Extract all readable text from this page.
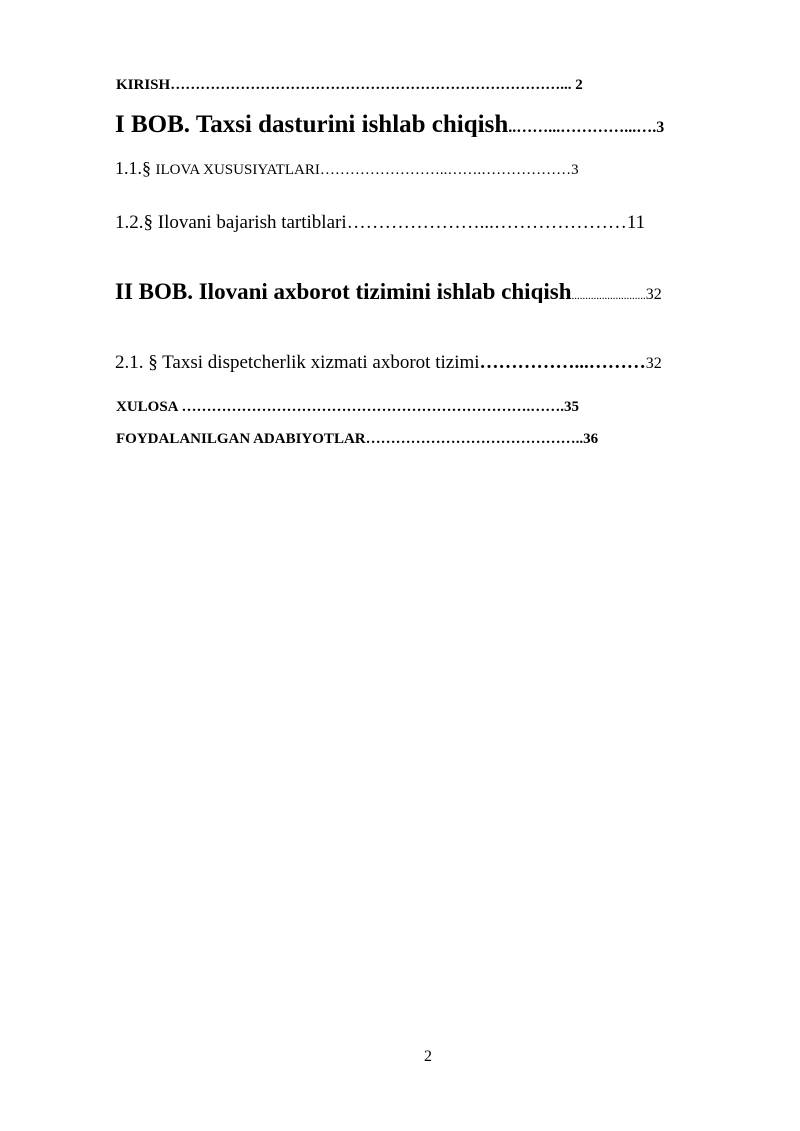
KIRISH……………………………………………………………………... 2
I BOB. Taxsi dasturini ishlab chiqish..……...…………...….3
1.1.§ ILOVA XUSUSIYATLARI……………………..…….………………3
1.2.§ Ilovani bajarish tartiblari…………………...…………………11
II BOB. Ilovani axborot tizimini ishlab chiqish...........................32
2.1. § Taxsi dispetcherlik xizmati axborot tizimi……………...………32
XULOSA …………………………………………………………….…….35
FOYDALANILGAN ADABIYOTLAR……………………………………..36
2
